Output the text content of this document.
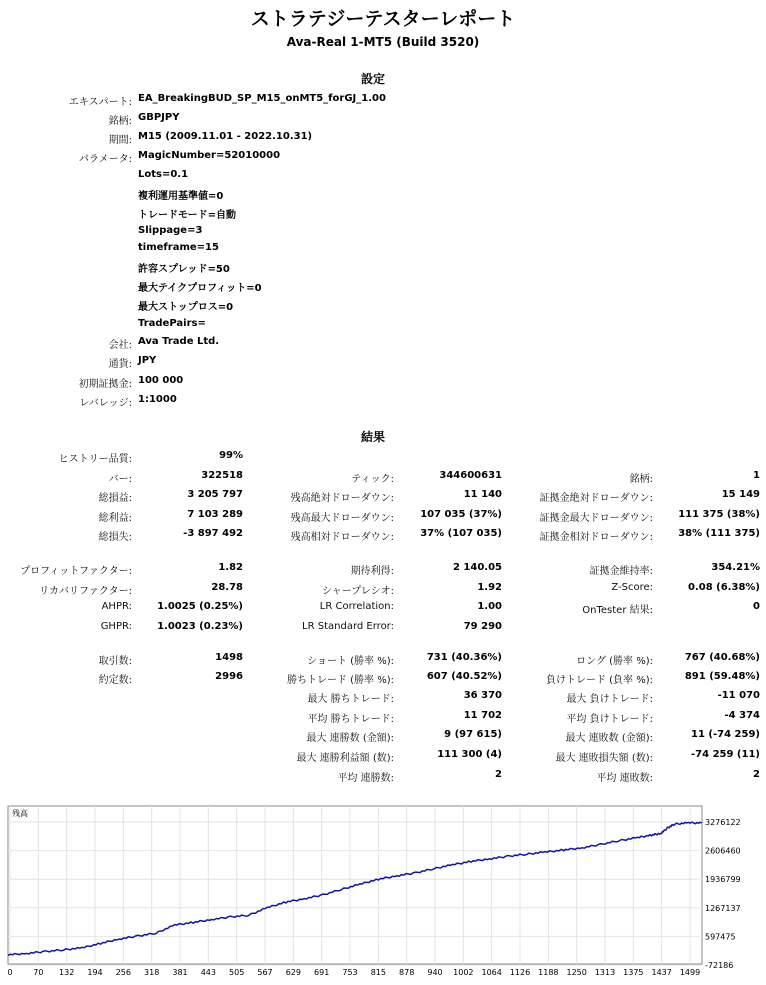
ストラテジーテスターレポート
Ava-Real 1-MT5 (Build 3520)
設定
エキスパート: EA_BreakingBUD_SP_M15_onMT5_forGJ_1.00
銘柄: GBPJPY
期間: M15 (2009.11.01 - 2022.10.31)
パラメータ: MagicNumber=52010000
Lots=0.1
複利運用基準値=0
トレードモード=自動
Slippage=3
timeframe=15
許容スプレッド=50
最大テイクプロフィット=0
最大ストップロス=0
TradePairs=
会社: Ava Trade Ltd.
通貨: JPY
初期証拠金: 100 000
レバレッジ: 1:1000
結果
ヒストリー品質:	99%
バー:	322518	ティック:	344600631	銘柄:	1
総損益:	3 205 797	残高絶対ドローダウン:	11 140	証拠金絶対ドローダウン:	15 149
総利益:	7 103 289	残高最大ドローダウン:	107 035 (37%)	証拠金最大ドローダウン:	111 375 (38%)
総損失:	-3 897 492	残高相対ドローダウン:	37% (107 035)	証拠金相対ドローダウン:	38% (111 375)
プロフィットファクター:	1.82	期待利得:	2 140.05	証拠金維持率:	354.21%
リカバリファクター:	28.78	シャープレシオ:	1.92	Z-Score:	0.08 (6.38%)
AHPR:	1.0025 (0.25%)	LR Correlation:	1.00	OnTester 結果:	0
GHPR:	1.0023 (0.23%)	LR Standard Error:	79 290
取引数:	1498	ショート (勝率 %):	731 (40.36%)	ロング (勝率 %):	767 (40.68%)
約定数:	2996	勝ちトレード (勝率 %):	607 (40.52%)	負けトレード (負率 %):	891 (59.48%)
最大 勝ちトレード:	36 370	最大 負けトレード:	-11 070
平均 勝ちトレード:	11 702	平均 負けトレード:	-4 374
最大 連勝数 (金額):	9 (97 615)	最大 連敗数 (金額):	11 (-74 259)
最大 連勝利益額 (数):	111 300 (4)	最大 連敗損失額 (数):	-74 259 (11)
平均 連勝数:	2	平均 連敗数:	2
0	70 132 194 256 318 381 443 505 567 629 691 753 815 878 940 1002 1064 1126 1188 1250 1313 1375 1437 1499
3276122
2606460
1936799
1267137
597475
-72186
残高
